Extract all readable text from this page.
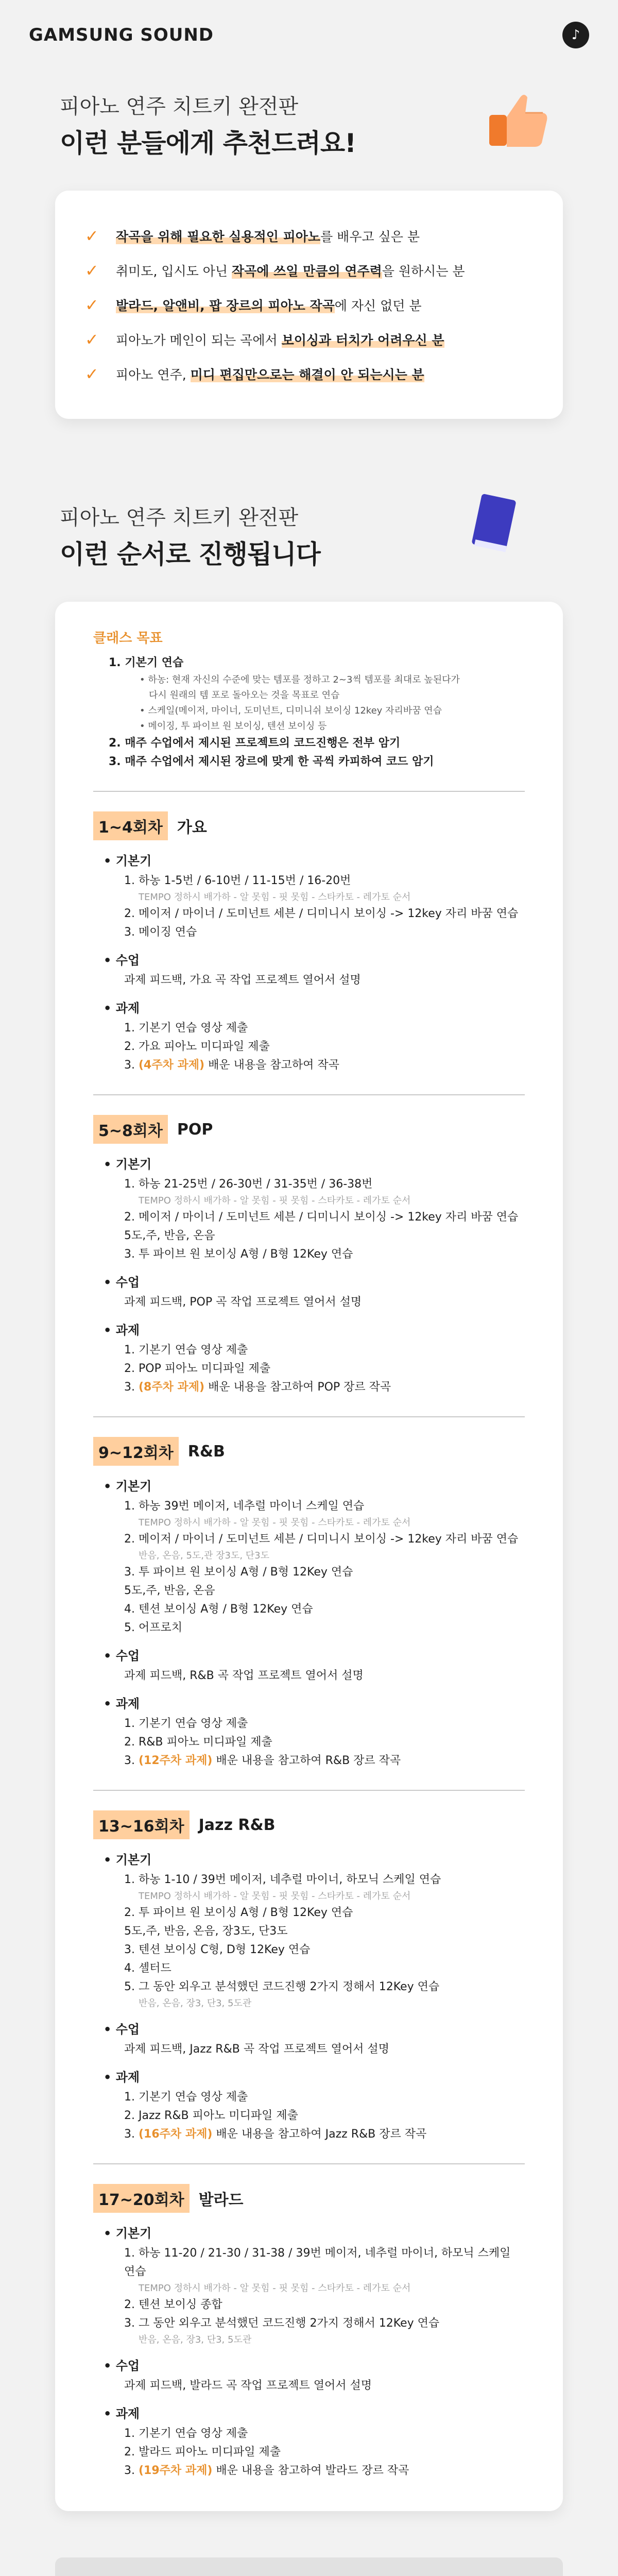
GAMSUNG SOUND	♪
피아노 연주 치트키 완전판
이런 분들에게 추천드려요!
✓	작곡을 위해 필요한 실용적인 피아노를 배우고 싶은 분
✓	취미도, 입시도 아닌 작곡에 쓰일 만큼의 연주력을 원하시는 분
✓	발라드, 알앤비, 팝 장르의 피아노 작곡에 자신 없던 분
✓	피아노가 메인이 되는 곡에서 보이싱과 터치가 어려우신 분
✓	피아노 연주, 미디 편집만으로는 해결이 안 되는시는 분
피아노 연주 치트키 완전판
이런 순서로 진행됩니다
클래스 목표
1. 기본기 연습
• 하농: 현재 자신의 수준에 맞는 템포를 정하고 2~3씩 템포를 최대로 높된다가
다시 원래의 템 포로 돌아오는 것을 목표로 연습
• 스케일(메이저, 마이너, 도미넌트, 디미니쉬 보이싱 12key 자리바꿈 연습
• 메이징, 투 파이브 원 보이싱, 텐션 보이싱 등
2. 매주 수업에서 제시된 프로젝트의 코드진행은 전부 암기
3. 매주 수업에서 제시된 장르에 맞게 한 곡씩 카피하여 코드 암기
1~4회차 가요
• 기본기
1. 하농 1-5번 / 6-10번 / 11-15번 / 16-20번
TEMPO 정하시 배가하 - 알 못힘 - 핏 못힘 - 스타카토 - 레가토 순서
2. 메이저 / 마이너 / 도미넌트 세븐 / 디미니시 보이싱 -> 12key 자리 바꿈 연습
3. 메이징 연습
• 수업
과제 피드백, 가요 곡 작업 프로젝트 열어서 설명
• 과제
1. 기본기 연습 영상 제출
2. 가요 피아노 미디파일 제출
3. (4주차 과제) 배운 내용을 참고하여 작곡
5~8회차 POP
• 기본기
1. 하농 21-25번 / 26-30번 / 31-35번 / 36-38번
TEMPO 정하시 배가하 - 알 못힘 - 핏 못힘 - 스타카토 - 레가토 순서
2. 메이저 / 마이너 / 도미넌트 세븐 / 디미니시 보이싱 -> 12key 자리 바꿈 연습
5도,주, 반음, 온음
3. 투 파이브 원 보이싱 A형 / B형 12Key 연습
• 수업
과제 피드백, POP 곡 작업 프로젝트 열어서 설명
• 과제
1. 기본기 연습 영상 제출
2. POP 피아노 미디파일 제출
3. (8주차 과제) 배운 내용을 참고하여 POP 장르 작곡
9~12회차 R&B
• 기본기
1. 하농 39번 메이저, 네추럴 마이너 스케일 연습
TEMPO 정하시 배가하 - 알 못힘 - 핏 못힘 - 스타카토 - 레가토 순서
2. 메이저 / 마이너 / 도미넌트 세븐 / 디미니시 보이싱 -> 12key 자리 바꿈 연습
반음, 온음, 5도,관 장3도, 단3도
3. 투 파이브 원 보이싱 A형 / B형 12Key 연습
5도,주, 반음, 온음
4. 텐션 보이싱 A형 / B형 12Key 연습
5. 어프로치
• 수업
과제 피드백, R&B 곡 작업 프로젝트 열어서 설명
• 과제
1. 기본기 연습 영상 제출
2. R&B 피아노 미디파일 제출
3. (12주차 과제) 배운 내용을 참고하여 R&B 장르 작곡
13~16회차 Jazz R&B
• 기본기
1. 하농 1-10 / 39번 메이저, 네추럴 마이너, 하모닉 스케일 연습
TEMPO 정하시 배가하 - 알 못힘 - 핏 못힘 - 스타카토 - 레가토 순서
2. 투 파이브 원 보이싱 A형 / B형 12Key 연습
5도,주, 반음, 온음, 장3도, 단3도
3. 텐션 보이싱 C형, D형 12Key 연습
4. 셸터드
5. 그 동안 외우고 분석했던 코드진행 2가지 정해서 12Key 연습
반음, 온음, 장3, 단3, 5도관
• 수업
과제 피드백, Jazz R&B 곡 작업 프로젝트 열어서 설명
• 과제
1. 기본기 연습 영상 제출
2. Jazz R&B 피아노 미디파일 제출
3. (16주차 과제) 배운 내용을 참고하여 Jazz R&B 장르 작곡
17~20회차 발라드
• 기본기
1. 하농 11-20 / 21-30 / 31-38 / 39번 메이저, 네추럴 마이너, 하모닉 스케일 연습
TEMPO 정하시 배가하 - 알 못힘 - 핏 못힘 - 스타카토 - 레가토 순서
2. 텐션 보이싱 종합
3. 그 동안 외우고 분석했던 코드진행 2가지 정해서 12Key 연습
반음, 온음, 장3, 단3, 5도관
• 수업
과제 피드백, 발라드 곡 작업 프로젝트 열어서 설명
• 과제
1. 기본기 연습 영상 제출
2. 발라드 피아노 미디파일 제출
3. (19주차 과제) 배운 내용을 참고하여 발라드 장르 작곡
